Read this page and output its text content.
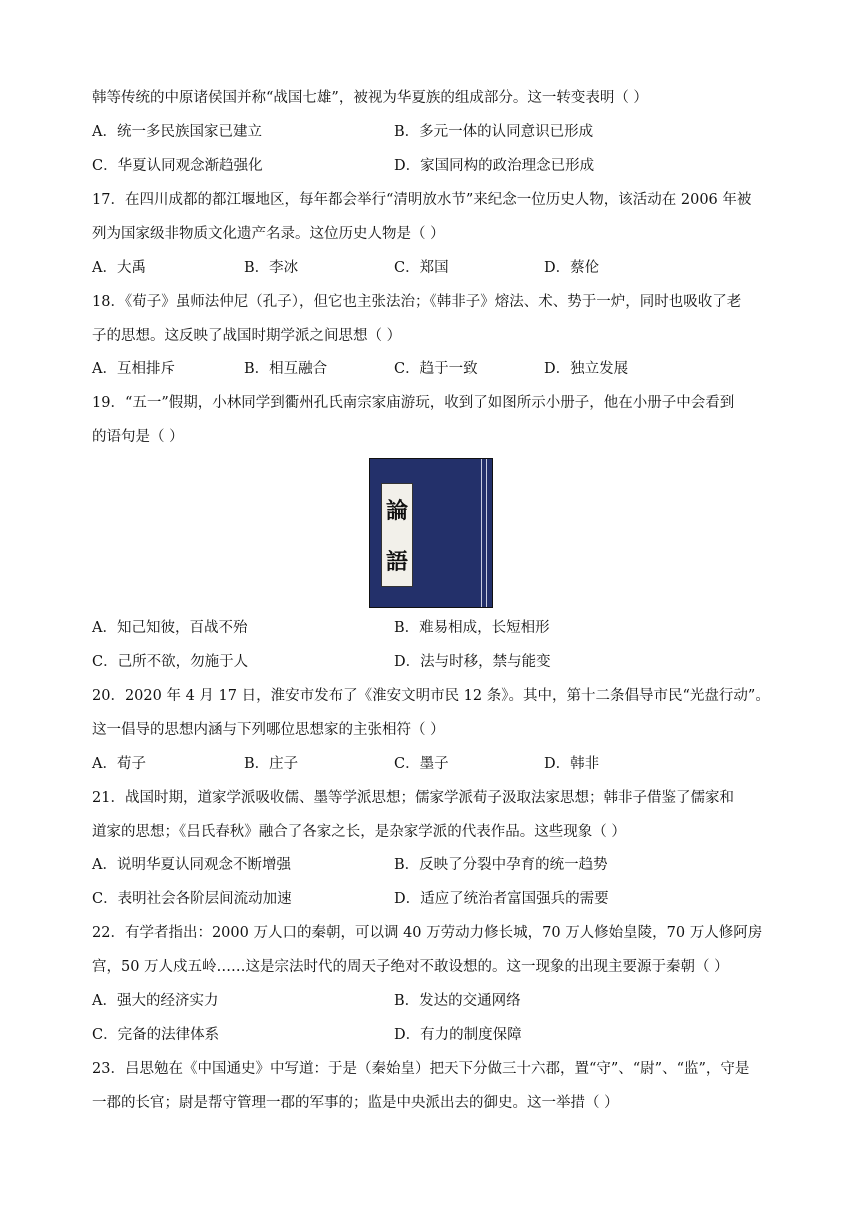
韩等传统的中原诸侯国并称“战国七雄”，被视为华夏族的组成部分。这一转变表明（ ）
A．统一多民族国家已建立	B．多元一体的认同意识已形成
C．华夏认同观念渐趋强化	D．家国同构的政治理念已形成
17．在四川成都的都江堰地区，每年都会举行“清明放水节”来纪念一位历史人物，该活动在 2006 年被
列为国家级非物质文化遗产名录。这位历史人物是（ ）
A．大禹	B．李冰	C．郑国	D．蔡伦
18．《荀子》虽师法仲尼（孔子），但它也主张法治；《韩非子》熔法、术、势于一炉，同时也吸收了老
子的思想。这反映了战国时期学派之间思想（ ）
A．互相排斥	B．相互融合	C．趋于一致	D．独立发展
19．“五一”假期，小林同学到衢州孔氏南宗家庙游玩，收到了如图所示小册子，他在小册子中会看到
的语句是（ ）
論
語
A．知己知彼，百战不殆	B．难易相成，长短相形
C．己所不欲，勿施于人	D．法与时移，禁与能变
20．2020 年 4 月 17 日，淮安市发布了《淮安文明市民 12 条》。其中，第十二条倡导市民“光盘行动”。
这一倡导的思想内涵与下列哪位思想家的主张相符（ ）
A．荀子	B．庄子	C．墨子	D．韩非
21．战国时期，道家学派吸收儒、墨等学派思想；儒家学派荀子汲取法家思想；韩非子借鉴了儒家和
道家的思想；《吕氏春秋》融合了各家之长，是杂家学派的代表作品。这些现象（ ）
A．说明华夏认同观念不断增强	B．反映了分裂中孕育的统一趋势
C．表明社会各阶层间流动加速	D．适应了统治者富国强兵的需要
22．有学者指出：2000 万人口的秦朝，可以调 40 万劳动力修长城，70 万人修始皇陵，70 万人修阿房
宫，50 万人戍五岭……这是宗法时代的周天子绝对不敢设想的。这一现象的出现主要源于秦朝（ ）
A．强大的经济实力	B．发达的交通网络
C．完备的法律体系	D．有力的制度保障
23．吕思勉在《中国通史》中写道：于是（秦始皇）把天下分做三十六郡，置“守”、“尉”、“监”，守是
一郡的长官；尉是帮守管理一郡的军事的；监是中央派出去的御史。这一举措（ ）
